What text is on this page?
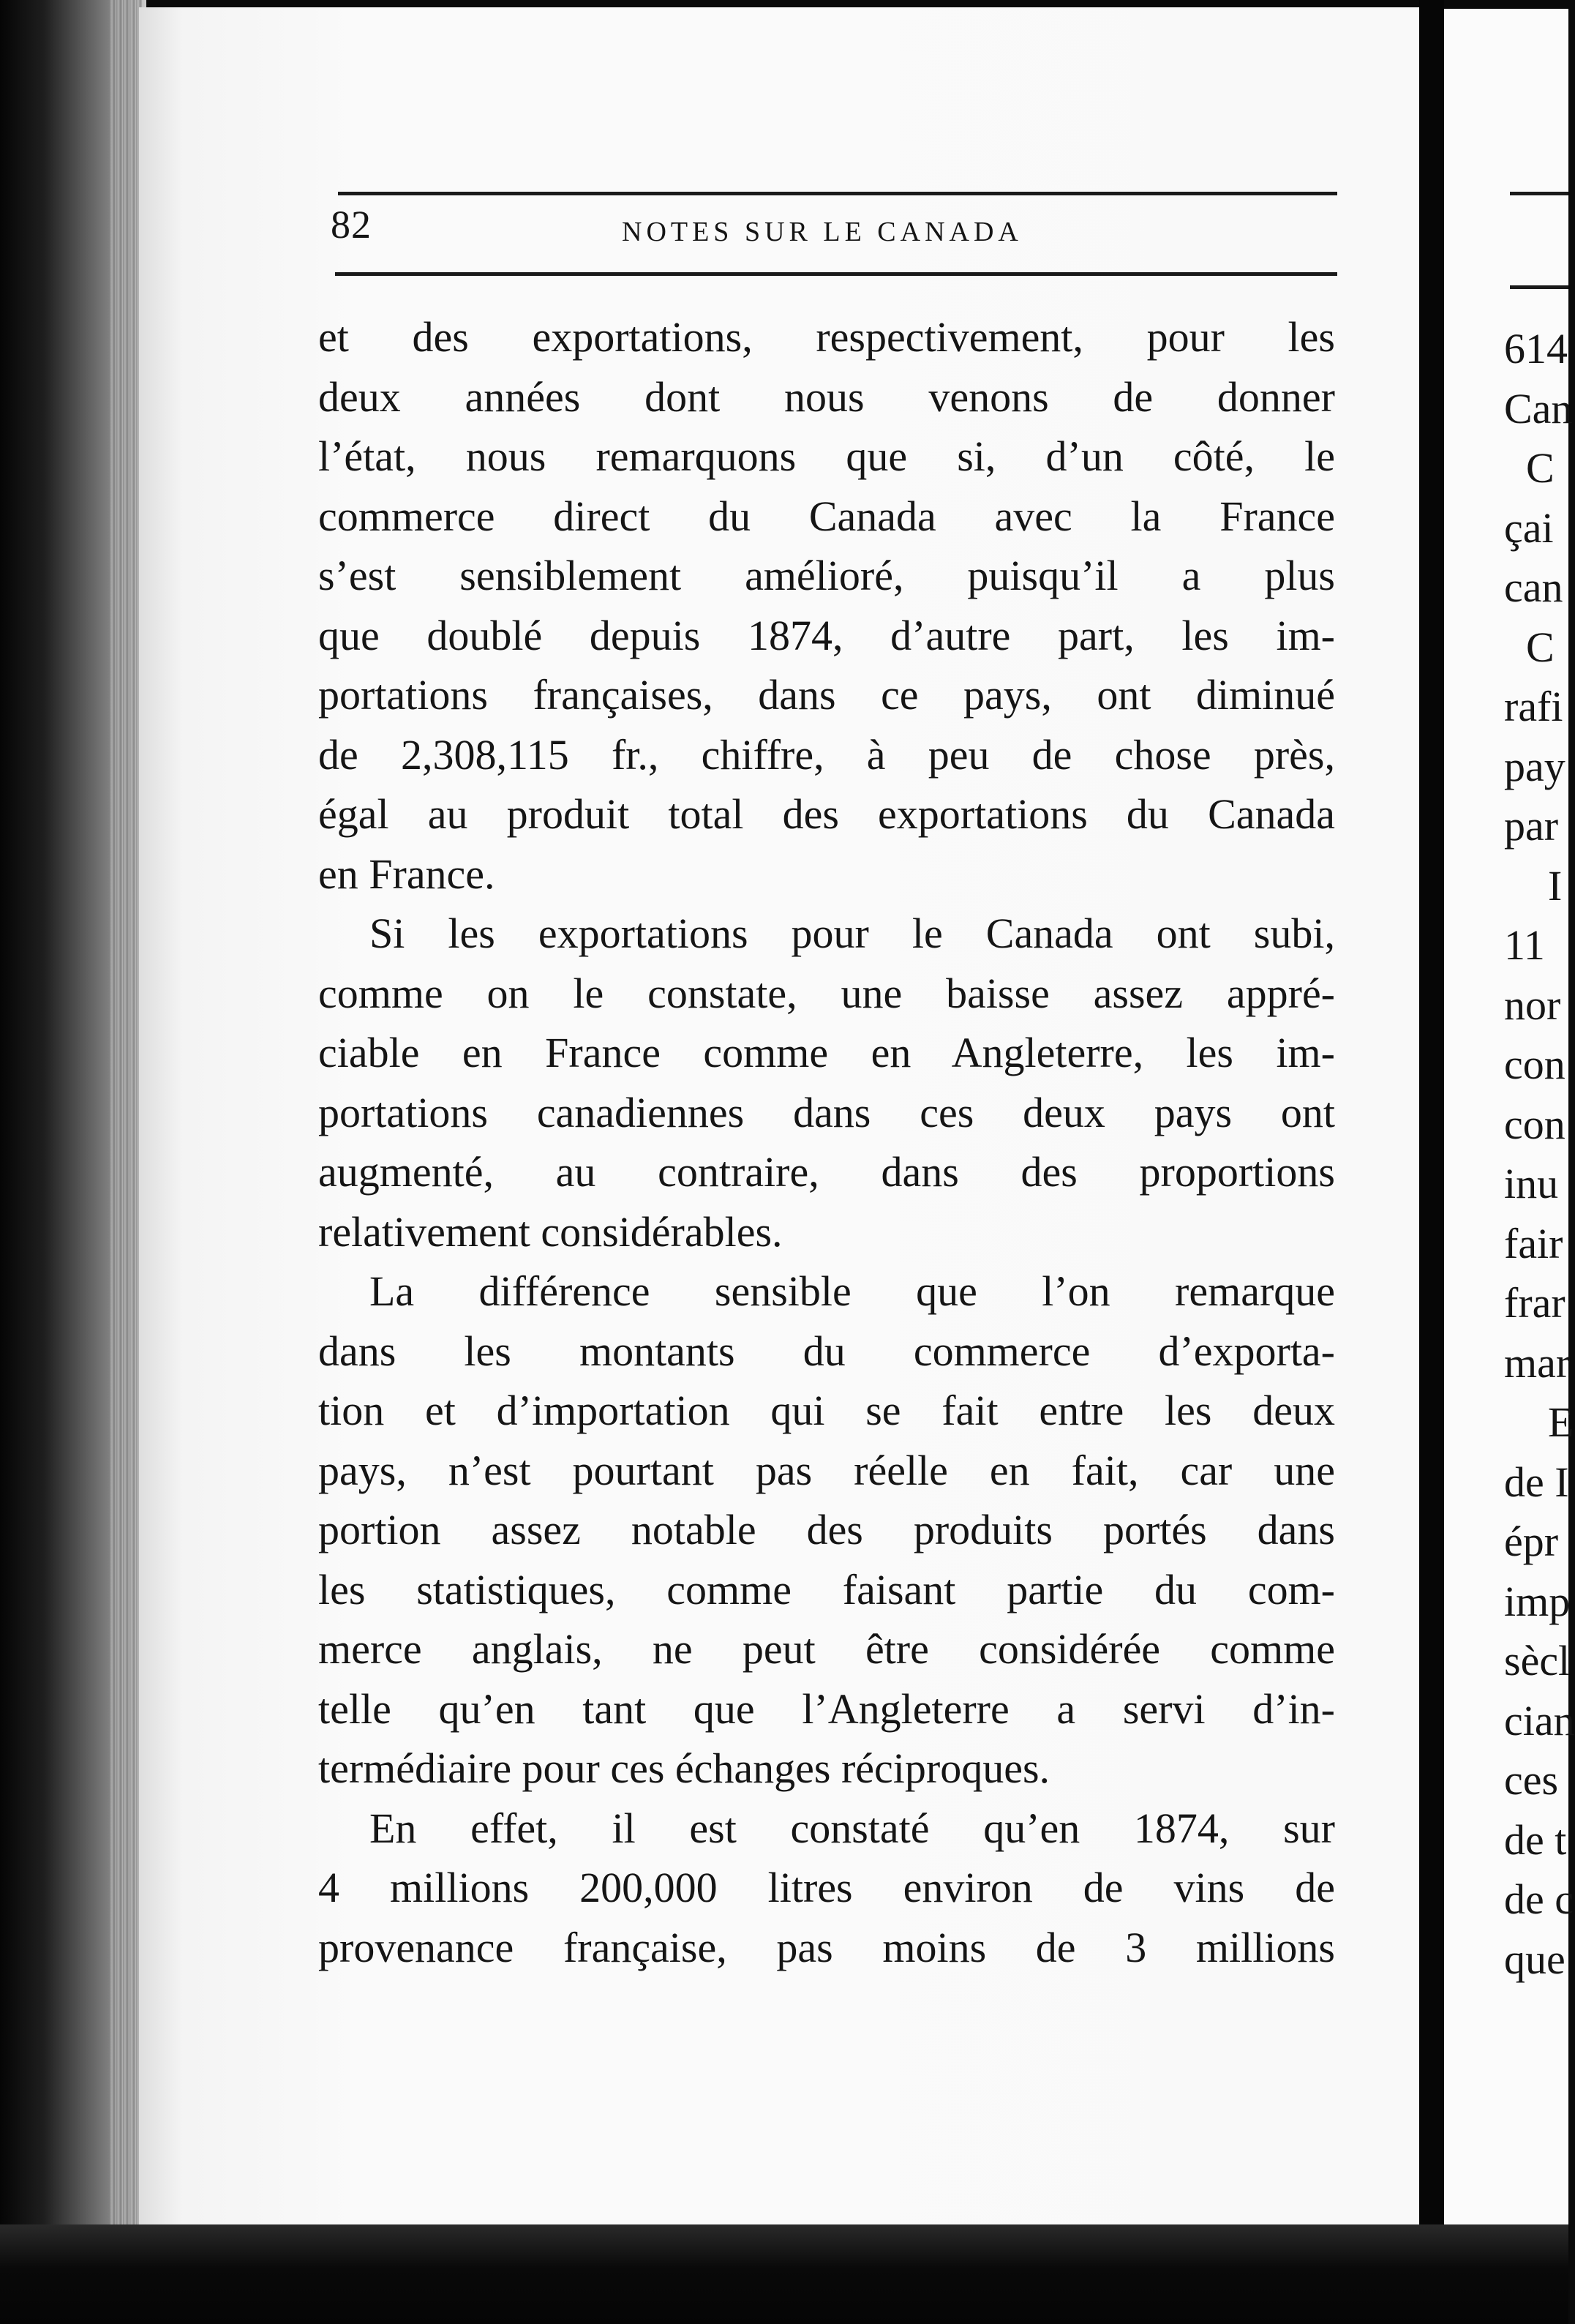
82	NOTES SUR LE CANADA
et des exportations, respectivement, pour les
deux années dont nous venons de donner
l’état, nous remarquons que si, d’un côté, le
commerce direct du Canada avec la France
s’est sensiblement amélioré, puisqu’il a plus
que doublé depuis 1874, d’autre part, les im-
portations françaises, dans ce pays, ont diminué
de 2,308,115 fr., chiffre, à peu de chose près,
égal au produit total des exportations du Canada
en France.
Si les exportations pour le Canada ont subi,
comme on le constate, une baisse assez appré-
ciable en France comme en Angleterre, les im-
portations canadiennes dans ces deux pays ont
augmenté, au contraire, dans des proportions
relativement considérables.
La différence sensible que l’on remarque
dans les montants du commerce d’exporta-
tion et d’importation qui se fait entre les deux
pays, n’est pourtant pas réelle en fait, car une
portion assez notable des produits portés dans
les statistiques, comme faisant partie du com-
merce anglais, ne peut être considérée comme
telle qu’en tant que l’Angleterre a servi d’in-
termédiaire pour ces échanges réciproques.
En effet, il est constaté qu’en 1874, sur
4 millions 200,000 litres environ de vins de
provenance française, pas moins de 3 millions
614
Can
C
çai
can
C
rafi
pay
par
I
11
nor
con
con
inu
fair
frar
mar
E
de I
épr
imp
sècl
cian
ces
de t
de c
que
